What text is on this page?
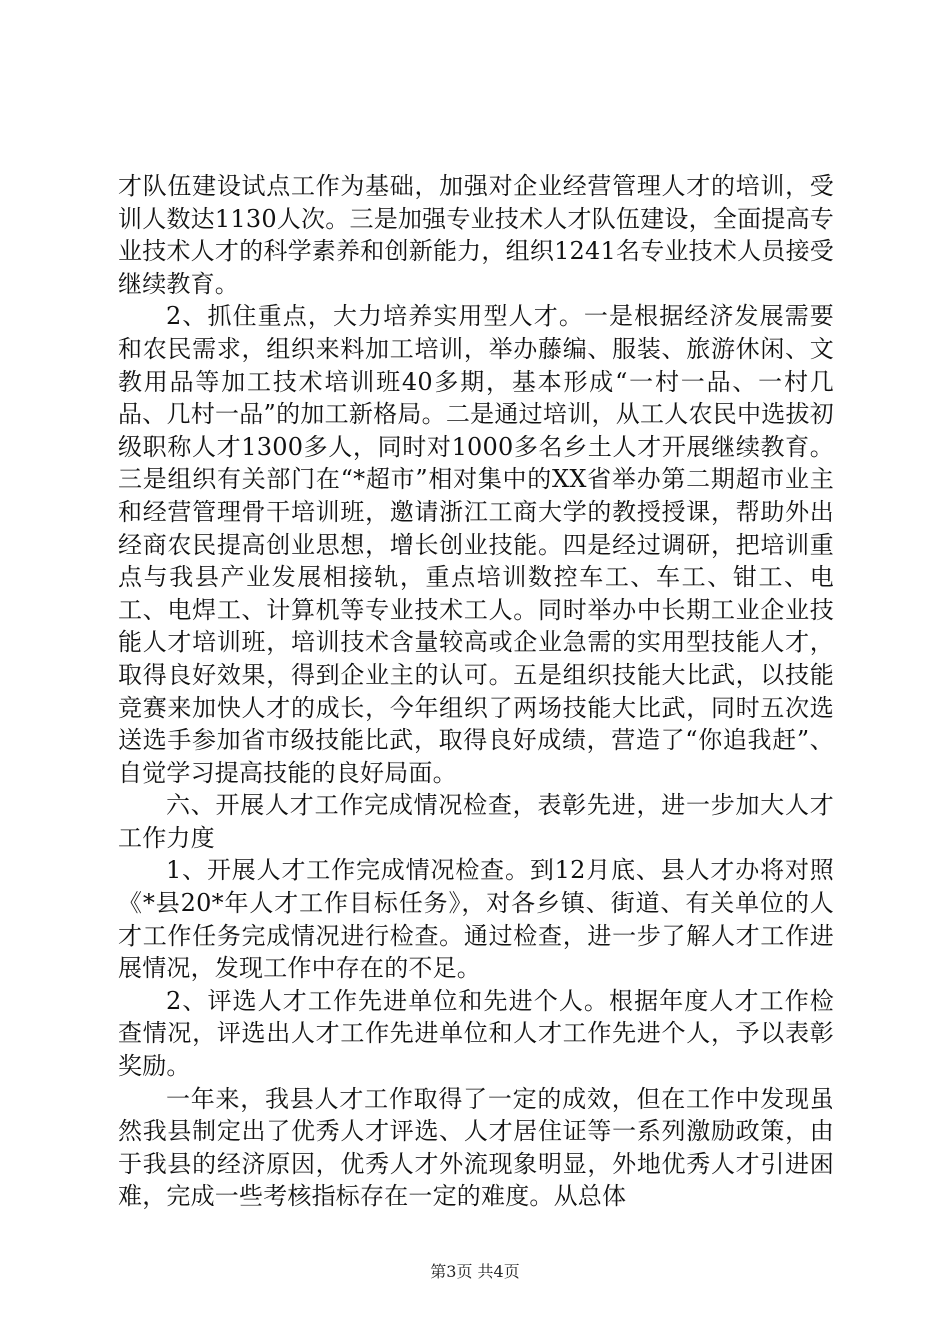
才队伍建设试点工作为基础，加强对企业经营管理人才的培训，受训人数达1130人次。三是加强专业技术人才队伍建设，全面提高专业技术人才的科学素养和创新能力，组织1241名专业技术人员接受继续教育。

2、抓住重点，大力培养实用型人才。一是根据经济发展需要和农民需求，组织来料加工培训，举办藤编、服装、旅游休闲、文教用品等加工技术培训班40多期，基本形成“一村一品、一村几品、几村一品”的加工新格局。二是通过培训，从工人农民中选拔初级职称人才1300多人，同时对1000多名乡土人才开展继续教育。三是组织有关部门在“*超市”相对集中的XX省举办第二期超市业主和经营管理骨干培训班，邀请浙江工商大学的教授授课，帮助外出经商农民提高创业思想，增长创业技能。四是经过调研，把培训重点与我县产业发展相接轨，重点培训数控车工、车工、钳工、电工、电焊工、计算机等专业技术工人。同时举办中长期工业企业技能人才培训班，培训技术含量较高或企业急需的实用型技能人才，取得良好效果，得到企业主的认可。五是组织技能大比武，以技能竞赛来加快人才的成长，今年组织了两场技能大比武，同时五次选送选手参加省市级技能比武，取得良好成绩，营造了“你追我赶”、自觉学习提高技能的良好局面。

六、开展人才工作完成情况检查，表彰先进，进一步加大人才工作力度

1、开展人才工作完成情况检查。到12月底、县人才办将对照《*县20*年人才工作目标任务》，对各乡镇、街道、有关单位的人才工作任务完成情况进行检查。通过检查，进一步了解人才工作进展情况，发现工作中存在的不足。

2、评选人才工作先进单位和先进个人。根据年度人才工作检查情况，评选出人才工作先进单位和人才工作先进个人，予以表彰奖励。

一年来，我县人才工作取得了一定的成效，但在工作中发现虽然我县制定出了优秀人才评选、人才居住证等一系列激励政策，由于我县的经济原因，优秀人才外流现象明显，外地优秀人才引进困难，完成一些考核指标存在一定的难度。从总体

第3页 共4页
